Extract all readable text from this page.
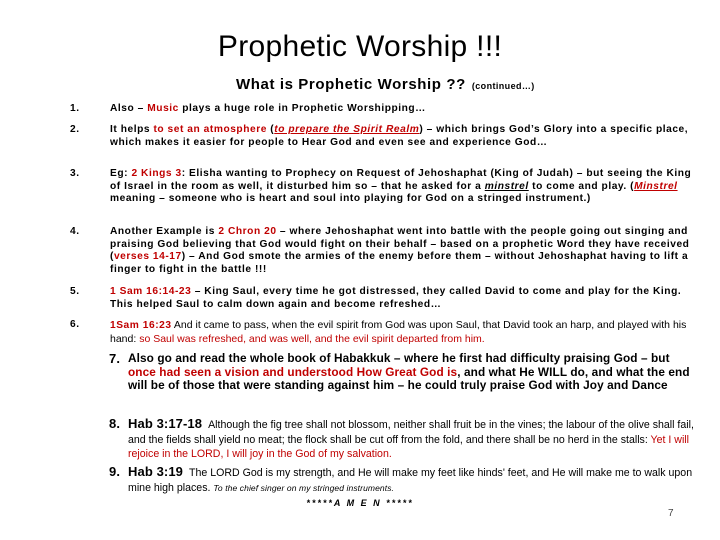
Prophetic Worship !!!
What is Prophetic Worship ?? (continued…)
1.	Also – Music plays a huge role in Prophetic Worshipping…
2.	It helps to set an atmosphere (to prepare the Spirit Realm) – which brings God’s Glory into a specific place, which makes it easier for people to Hear God and even see and experience God…
3.	Eg: 2 Kings 3: Elisha wanting to Prophecy on Request of Jehoshaphat (King of Judah) – but seeing the King of Israel in the room as well, it disturbed him so – that he asked for a minstrel to come and play. (Minstrel meaning – someone who is heart and soul into playing for God on a stringed instrument.)
4.	Another Example is 2 Chron 20 – where Jehoshaphat went into battle with the people going out singing and praising God believing that God would fight on their behalf – based on a prophetic Word they have received (verses 14-17) – And God smote the armies of the enemy before them – without Jehoshaphat having to lift a finger to fight in the battle !!!
5.	1 Sam 16:14-23 – King Saul, every time he got distressed, they called David to come and play for the King. This helped Saul to calm down again and become refreshed…
6.	1Sam 16:23 And it came to pass, when the evil spirit from God was upon Saul, that David took an harp, and played with his hand: so Saul was refreshed, and was well, and the evil spirit departed from him.
7. Also go and read the whole book of Habakkuk – where he first had difficulty praising God – but once had seen a vision and understood How Great God is, and what He WILL do, and what the end will be of those that were standing against him – he could truly praise God with Joy and Dance
8. Hab 3:17-18 Although the fig tree shall not blossom, neither shall fruit be in the vines; the labour of the olive shall fail, and the fields shall yield no meat; the flock shall be cut off from the fold, and there shall be no herd in the stalls: Yet I will rejoice in the LORD, I will joy in the God of my salvation.
9. Hab 3:19 The LORD God is my strength, and He will make my feet like hinds' feet, and He will make me to walk upon mine high places. To the chief singer on my stringed instruments.
*****A M E N *****
7
